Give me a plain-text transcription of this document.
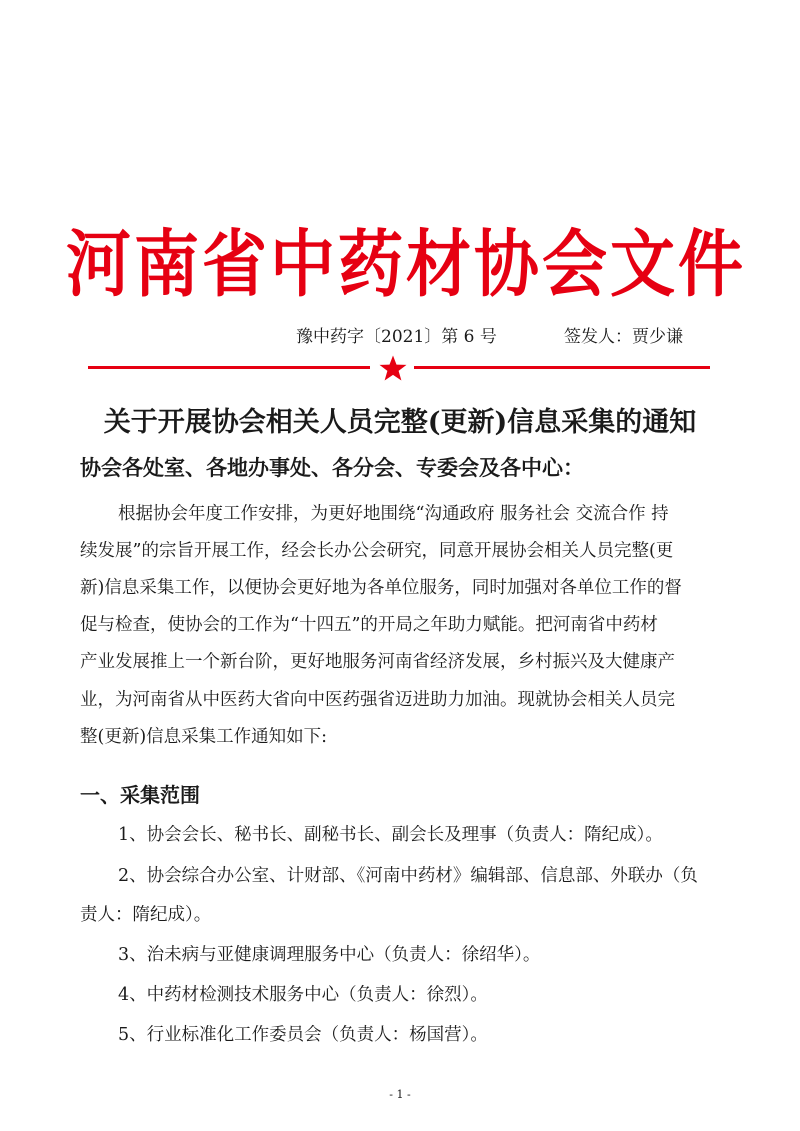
河南省中药材协会文件
豫中药字〔2021〕第 6 号	签发人：贾少谦
关于开展协会相关人员完整(更新)信息采集的通知
协会各处室、各地办事处、各分会、专委会及各中心：
根据协会年度工作安排，为更好地围绕“沟通政府 服务社会 交流合作 持
续发展”的宗旨开展工作，经会长办公会研究，同意开展协会相关人员完整(更
新)信息采集工作，以便协会更好地为各单位服务，同时加强对各单位工作的督
促与检查，使协会的工作为“十四五”的开局之年助力赋能。把河南省中药材
产业发展推上一个新台阶，更好地服务河南省经济发展，乡村振兴及大健康产
业，为河南省从中医药大省向中医药强省迈进助力加油。现就协会相关人员完
整(更新)信息采集工作通知如下:
一、采集范围
1、协会会长、秘书长、副秘书长、副会长及理事（负责人：隋纪成）。
2、协会综合办公室、计财部、《河南中药材》编辑部、信息部、外联办（负
责人：隋纪成）。
3、治未病与亚健康调理服务中心（负责人：徐绍华）。
4、中药材检测技术服务中心（负责人：徐烈）。
5、行业标准化工作委员会（负责人：杨国营）。
- 1 -
